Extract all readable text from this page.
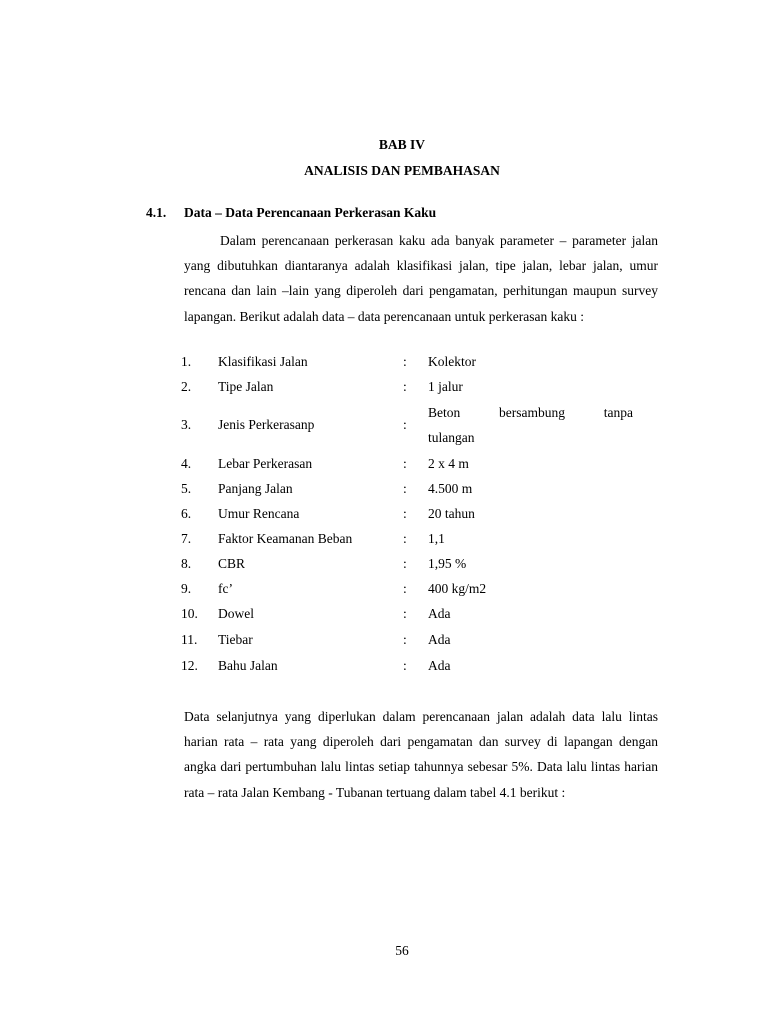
BAB IV
ANALISIS DAN PEMBAHASAN
4.1. Data – Data Perencanaan Perkerasan Kaku

Dalam perencanaan perkerasan kaku ada banyak parameter – parameter jalan yang dibutuhkan diantaranya adalah klasifikasi jalan, tipe jalan, lebar jalan, umur rencana dan lain –lain yang diperoleh dari pengamatan, perhitungan maupun survey lapangan. Berikut adalah data – data perencanaan untuk perkerasan kaku :

1. Klasifikasi Jalan	: Kolektor
2. Tipe Jalan	: 1 jalur
3. Jenis Perkerasanp	:
Beton bersambung tanpa
tulangan
4. Lebar Perkerasan	: 2 x 4 m
5. Panjang Jalan	: 4.500 m
6. Umur Rencana	: 20 tahun
7. Faktor Keamanan Beban	: 1,1
8. CBR	: 1,95 %
9. fc’	: 400 kg/m2
10. Dowel	: Ada
11. Tiebar	: Ada
12. Bahu Jalan	: Ada

Data selanjutnya yang diperlukan dalam perencanaan jalan adalah data lalu lintas harian rata – rata yang diperoleh dari pengamatan dan survey di lapangan dengan angka dari pertumbuhan lalu lintas setiap tahunnya sebesar 5%. Data lalu lintas harian rata – rata Jalan Kembang - Tubanan tertuang dalam tabel 4.1 berikut :

56
